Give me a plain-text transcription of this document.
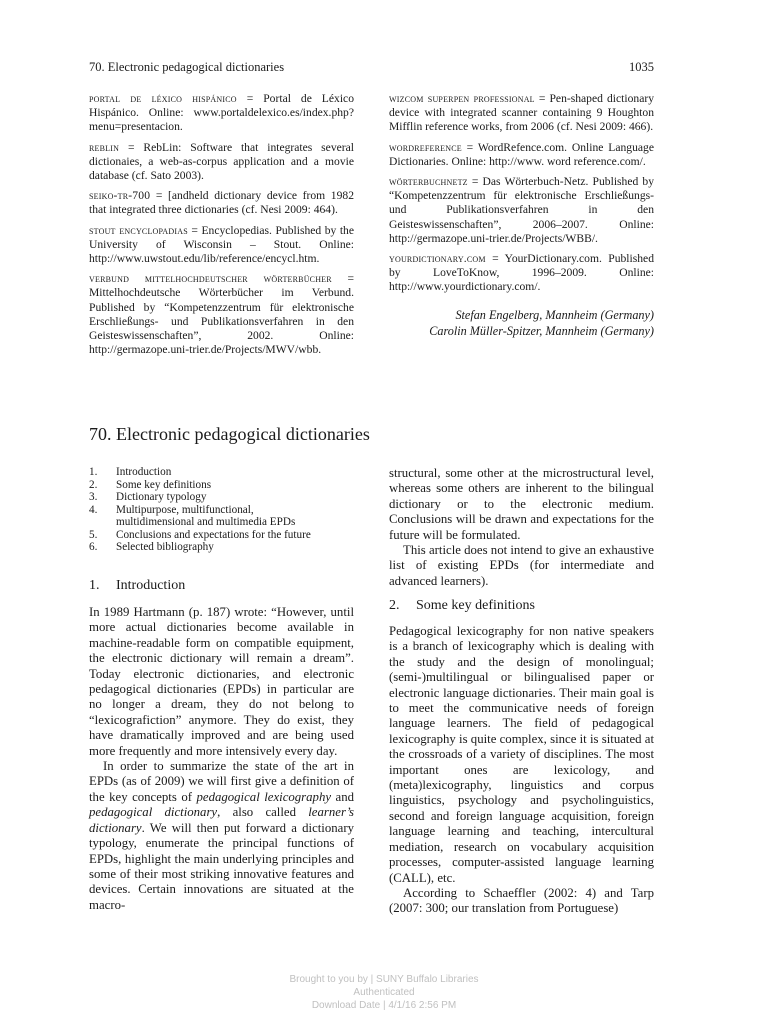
70. Electronic pedagogical dictionaries	1035

portal de léxico hispánico = Portal de Léxico Hispánico. Online: www.portaldelexico.es/index.php?menu=presentacion.

reblin = RebLin: Software that integrates several dictionaies, a web-as-corpus application and a movie database (cf. Sato 2003).

seiko-tr-700 = [andheld dictionary device from 1982 that integrated three dictionaries (cf. Nesi 2009: 464).

stout encyclopadias = Encyclopedias. Published by the University of Wisconsin – Stout. Online: http://www.uwstout.edu/lib/reference/encycl.htm.

verbund mittelhochdeutscher wörterbücher = Mittelhochdeutsche Wörterbücher im Verbund. Published by “Kompetenzzentrum für elektronische Erschließungs- und Publikationsverfahren in den Geisteswissenschaften”, 2002. Online: http://germazope.uni-trier.de/Projects/MWV/wbb.

wizcom superpen professional = Pen-shaped dictionary device with integrated scanner containing 9 Houghton Mifflin reference works, from 2006 (cf. Nesi 2009: 466).

wordreference = WordRefence.com. Online Language Dictionaries. Online: http://www. word reference.com/.

wörterbuchnetz = Das Wörterbuch-Netz. Published by “Kompetenzzentrum für elektronische Erschließungs- und Publikationsverfahren in den Geisteswissenschaften”, 2006–2007. Online: http://germazope.uni-trier.de/Projects/WBB/.

yourdictionary.com = YourDictionary.com. Published by LoveToKnow, 1996–2009. Online: http://www.yourdictionary.com/.

Stefan Engelberg, Mannheim (Germany)
Carolin Müller-Spitzer, Mannheim (Germany)
70. Electronic pedagogical dictionaries
1.	Introduction
2.	Some key definitions
3.	Dictionary typology
4.	Multipurpose, multifunctional,
multidimensional and multimedia EPDs
5.	Conclusions and expectations for the future
6.	Selected bibliography
1. Introduction

In 1989 Hartmann (p. 187) wrote: “However, until more actual dictionaries become available in machine-readable form on compatible equipment, the electronic dictionary will remain a dream”. Today electronic dictionaries, and electronic pedagogical dictionaries (EPDs) in particular are no longer a dream, they do not belong to “lexicografiction” anymore. They do exist, they have dramatically improved and are being used more frequently and more intensively every day.

In order to summarize the state of the art in EPDs (as of 2009) we will first give a definition of the key concepts of pedagogical lexicography and pedagogical dictionary, also called learner’s dictionary. We will then put forward a dictionary typology, enumerate the principal functions of EPDs, highlight the main underlying principles and some of their most striking innovative features and devices. Certain innovations are situated at the macro-

structural, some other at the microstructural level, whereas some others are inherent to the bilingual dictionary or to the electronic medium. Conclusions will be drawn and expectations for the future will be formulated.

This article does not intend to give an exhaustive list of existing EPDs (for intermediate and advanced learners).

2. Some key definitions

Pedagogical lexicography for non native speakers is a branch of lexicography which is dealing with the study and the design of monolingual; (semi-)multilingual or bilingualised paper or electronic language dictionaries. Their main goal is to meet the communicative needs of foreign language learners. The field of pedagogical lexicography is quite complex, since it is situated at the crossroads of a variety of disciplines. The most important ones are lexicology, and (meta)lexicography, linguistics and corpus linguistics, psychology and psycholinguistics, second and foreign language acquisition, foreign language learning and teaching, intercultural mediation, research on vocabulary acquisition processes, computer-assisted language learning (CALL), etc.

According to Schaeffler (2002: 4) and Tarp (2007: 300; our translation from Portuguese)

Brought to you by | SUNY Buffalo Libraries
Authenticated
Download Date | 4/1/16 2:56 PM
